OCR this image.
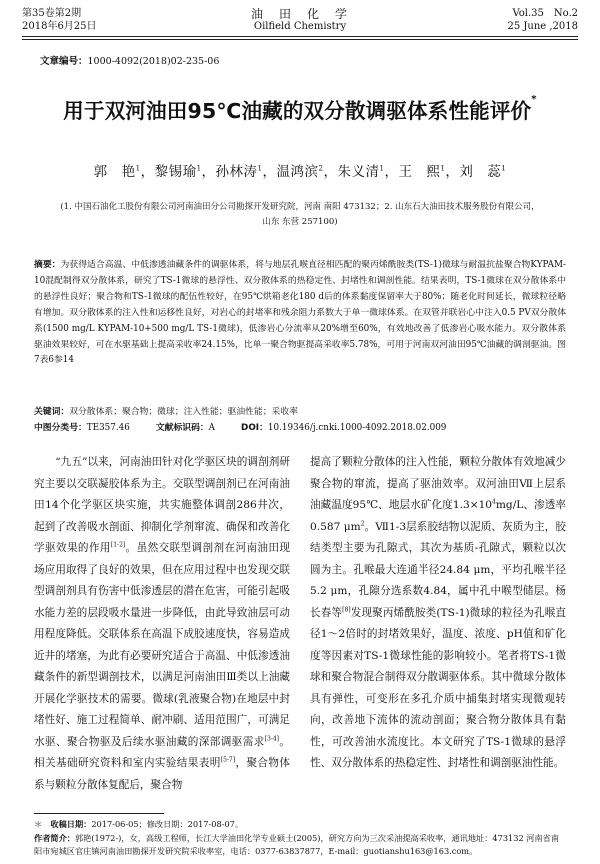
第35卷第2期
2018年6月25日
油　田　化　学
Oilfield Chemistry
Vol.35　No.2
25 June ,2018
文章编号：1000-4092(2018)02-235-06
用于双河油田95℃油藏的双分散调驱体系性能评价*
郭　艳$^1$，黎锡瑜$^1$，孙林涛$^1$，温鸿滨$^2$，朱义清$^1$，王　熙$^1$，刘　蕊$^1$
(1. 中国石油化工股份有限公司河南油田分公司勘探开发研究院，河南 南阳 473132；2. 山东石大油田技术服务股份有限公司，山东 东营 257100)
摘要：为获得适合高温、中低渗透油藏条件的调驱体系，将与地层孔喉直径相匹配的聚丙烯酰胺类(TS-1)微球与耐温抗盐聚合物KYPAM-10混配制得双分散体系，研究了TS-1微球的悬浮性、双分散体系的热稳定性、封堵性和调剖性能。结果表明，TS-1微球在双分散体系中的悬浮性良好；聚合物和TS-1微球的配伍性较好，在95℃烘箱老化180 d后的体系黏度保留率大于80%；随老化时间延长，微球粒径略有增加。双分散体系的注入性和运移性良好，对岩心的封堵率和残余阻力系数大于单一微球体系。在双管并联岩心中注入0.5 PV双分散体系(1500 mg/L KYPAM-10+500 mg/L TS-1微球)，低渗岩心分流率从20%增至60%，有效地改善了低渗岩心吸水能力。双分散体系驱油效果较好，可在水驱基础上提高采收率24.15%，比单一聚合物驱提高采收率5.78%，可用于河南双河油田95℃油藏的调剖驱油。图7表6参14
关键词：双分散体系；聚合物；微球；注入性能；驱油性能；采收率
中图分类号：TE357.46	文献标识码：A	DOI：10.19346/j.cnki.1000-4092.2018.02.009
“九五”以来，河南油田针对化学驱区块的调剖剂研究主要以交联凝胶体系为主。交联型调剖剂已在河南油田14个化学驱区块实施，共实施整体调剖286井次，起到了改善吸水剖面、抑制化学剂窜流、确保和改善化学驱效果的作用[1-2]。虽然交联型调剖剂在河南油田现场应用取得了良好的效果，但在应用过程中也发现交联型调剖剂具有伤害中低渗透层的潜在危害，可能引起吸水能力差的层段吸水量进一步降低，由此导致油层可动用程度降低。交联体系在高温下成胶速度快，容易造成近井的堵塞，为此有必要研究适合于高温、中低渗透油藏条件的新型调剖技术，以满足河南油田Ⅲ类以上油藏开展化学驱技术的需要。微球(乳液聚合物)在地层中封堵性好、施工过程简单、耐冲刷、适用范围广，可满足水驱、聚合物驱及后续水驱油藏的深部调驱需求[3-4]。相关基础研究资料和室内实验结果表明[5-7]，聚合物体系与颗粒分散体复配后，聚合物
提高了颗粒分散体的注入性能，颗粒分散体有效地减少聚合物的窜流，提高了驱油效率。双河油田Ⅶ上层系油藏温度95℃、地层水矿化度$1.3\times 10^4mg/L$、渗透率0.587 $\mu m^2$。Ⅶ1-3层系胶结物以泥质、灰质为主，胶结类型主要为孔隙式，其次为基质-孔隙式，颗粒以次圆为主。孔喉最大连通半径24.84 μm，平均孔喉半径5.2 μm，孔隙分选系数4.84，属中孔中喉型储层。杨长春等[8]发现聚丙烯酰胺类(TS-1)微球的粒径为孔喉直径1～2倍时的封堵效果好，温度、浓度、pH值和矿化度等因素对TS-1微球性能的影响较小。笔者将TS-1微球和聚合物混合制得双分散调驱体系。其中微球分散体具有弹性，可变形在多孔介质中捕集封堵实现微观转向，改善地下流体的流动剖面；聚合物分散体具有黏性，可改善油水流度比。本文研究了TS-1微球的悬浮性、双分散体系的热稳定性、封堵性和调剖驱油性能。
＊　收稿日期：2017-06-05；修改日期：2017-08-07。
作者简介：郭艳(1972-)，女，高级工程师，长江大学油田化学专业硕士(2005)，研究方向为三次采油提高采收率，通讯地址：473132 河南省南阳市宛城区官庄镇河南油田勘探开发研究院采收率室，电话：0377-63837877，E-mail：guotianshu163@163.com。
